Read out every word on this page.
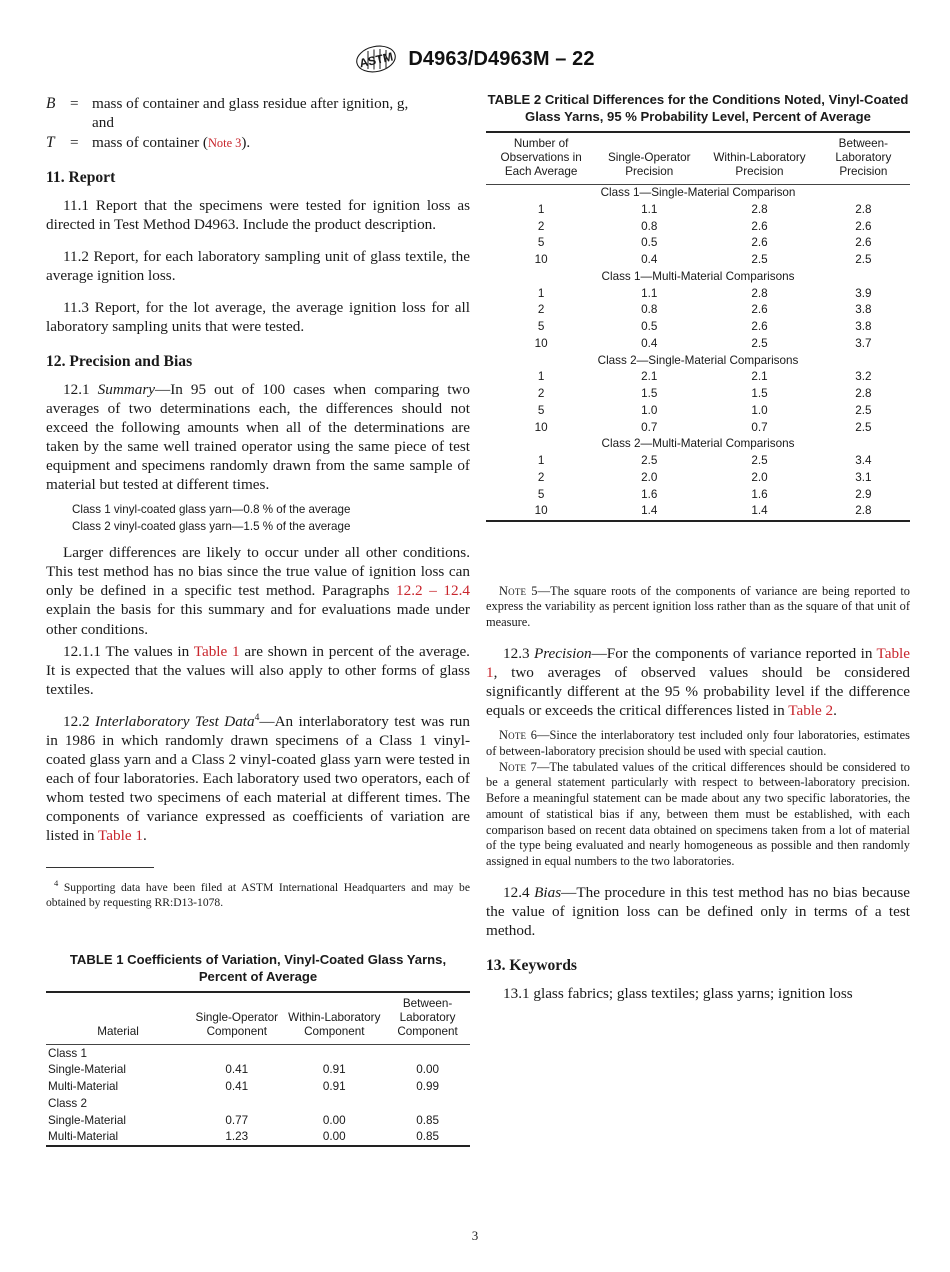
ASTM D4963/D4963M – 22
B = mass of container and glass residue after ignition, g,
and
T	= mass of container (Note 3).
11. Report

11.1 Report that the specimens were tested for ignition loss as directed in Test Method D4963. Include the product description.

11.2 Report, for each laboratory sampling unit of glass textile, the average ignition loss.

11.3 Report, for the lot average, the average ignition loss for all laboratory sampling units that were tested.

12. Precision and Bias

12.1 Summary—In 95 out of 100 cases when comparing two averages of two determinations each, the differences should not exceed the following amounts when all of the determinations are taken by the same well trained operator using the same piece of test equipment and specimens randomly drawn from the same sample of material but tested at different times.

Class 1 vinyl-coated glass yarn—0.8 % of the average
Class 2 vinyl-coated glass yarn—1.5 % of the average

Larger differences are likely to occur under all other conditions. This test method has no bias since the true value of ignition loss can only be defined in a specific test method. Paragraphs 12.2 – 12.4 explain the basis for this summary and for evaluations made under other conditions.

12.1.1 The values in Table 1 are shown in percent of the average. It is expected that the values will also apply to other forms of glass textiles.

12.2 Interlaboratory Test Data$^4$—An interlaboratory test was run in 1986 in which randomly drawn specimens of a Class 1 vinyl-coated glass yarn and a Class 2 vinyl-coated glass yarn were tested in each of four laboratories. Each laboratory used two operators, each of whom tested two specimens of each material at different times. The components of variance expressed as coefficients of variation are listed in Table 1.

$^4$ Supporting data have been filed at ASTM International Headquarters and may be obtained by requesting RR:D13-1078.

TABLE 1 Coefficients of Variation, Vinyl-Coated Glass Yarns, Percent of Average
Material	Single-Operator Component	Within-Laboratory Component	Between-Laboratory Component
Class 1			
Single-Material	0.41	0.91	0.00
Multi-Material	0.41	0.91	0.99
Class 2			
Single-Material	0.77	0.00	0.85
Multi-Material	1.23	0.00	0.85
TABLE 2 Critical Differences for the Conditions Noted, Vinyl-Coated Glass Yarns, 95 % Probability Level, Percent of Average
Number of Observations in Each Average	Single-Operator Precision	Within-Laboratory Precision	Between-Laboratory Precision
Class 1—Single-Material Comparison			
1	1.1	2.8	2.8
2	0.8	2.6	2.6
5	0.5	2.6	2.6
10	0.4	2.5	2.5
Class 1—Multi-Material Comparisons			
1	1.1	2.8	3.9
2	0.8	2.6	3.8
5	0.5	2.6	3.8
10	0.4	2.5	3.7
Class 2—Single-Material Comparisons			
1	2.1	2.1	3.2
2	1.5	1.5	2.8
5	1.0	1.0	2.5
10	0.7	0.7	2.5
Class 2—Multi-Material Comparisons			
1	2.5	2.5	3.4
2	2.0	2.0	3.1
5	1.6	1.6	2.9
10	1.4	1.4	2.8

Note 5—The square roots of the components of variance are being reported to express the variability as percent ignition loss rather than as the square of that unit of measure.

12.3 Precision—For the components of variance reported in Table 1, two averages of observed values should be considered significantly different at the 95 % probability level if the difference equals or exceeds the critical differences listed in Table 2.

Note 6—Since the interlaboratory test included only four laboratories, estimates of between-laboratory precision should be used with special caution.

Note 7—The tabulated values of the critical differences should be considered to be a general statement particularly with respect to between-laboratory precision. Before a meaningful statement can be made about any two specific laboratories, the amount of statistical bias if any, between them must be established, with each comparison based on recent data obtained on specimens taken from a lot of material of the type being evaluated and nearly homogeneous as possible and then randomly assigned in equal numbers to the two laboratories.

12.4 Bias—The procedure in this test method has no bias because the value of ignition loss can be defined only in terms of a test method.

13. Keywords

13.1 glass fabrics; glass textiles; glass yarns; ignition loss

3
